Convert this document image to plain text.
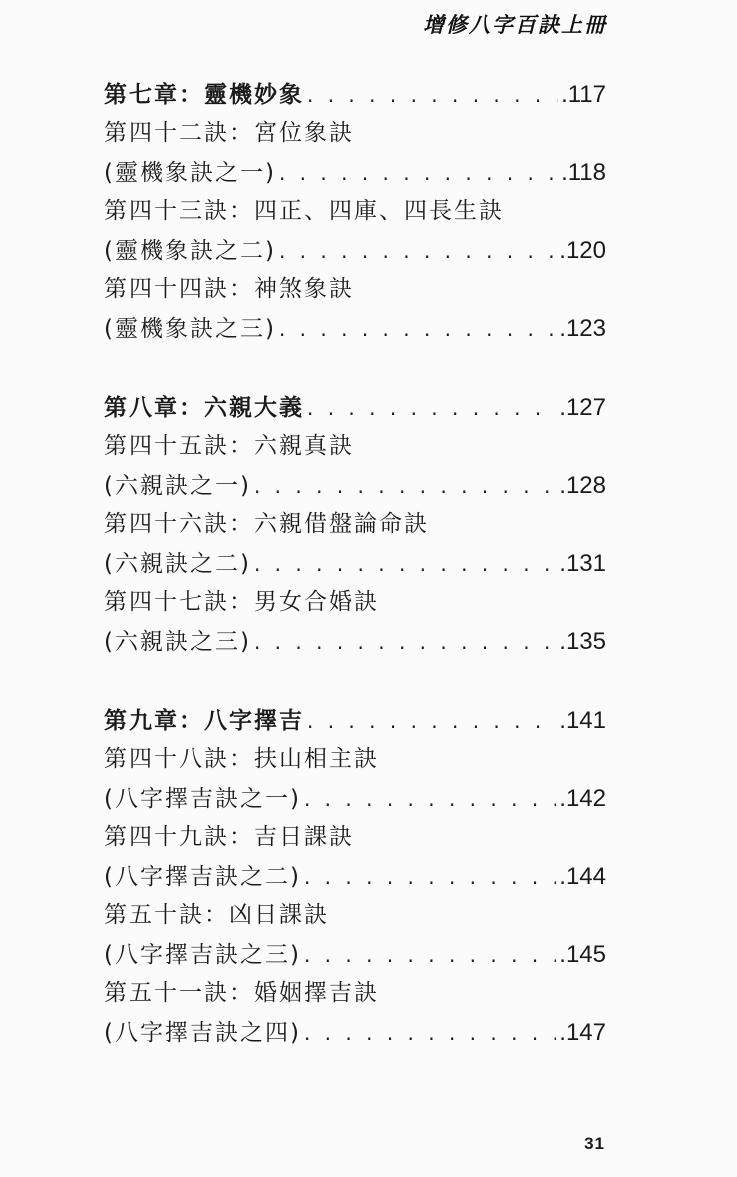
增修八字百訣上冊
第七章：靈機妙象 . . .	.117
第四十二訣：宮位象訣
(靈機象訣之一) . . .	.118
第四十三訣：四正、四庫、四長生訣
(靈機象訣之二) . . .	.120
第四十四訣：神煞象訣
(靈機象訣之三) . . .	.123
第八章：六親大義 . . .	.127
第四十五訣：六親真訣
(六親訣之一) . . .	.128
第四十六訣：六親借盤論命訣
(六親訣之二) . . .	.131
第四十七訣：男女合婚訣
(六親訣之三) . . .	.135
第九章：八字擇吉 . . .	.141
第四十八訣：扶山相主訣
(八字擇吉訣之一) . . .	.142
第四十九訣：吉日課訣
(八字擇吉訣之二) . . .	.144
第五十訣：凶日課訣
(八字擇吉訣之三) . . .	.145
第五十一訣：婚姻擇吉訣
(八字擇吉訣之四) . . .	.147
31
